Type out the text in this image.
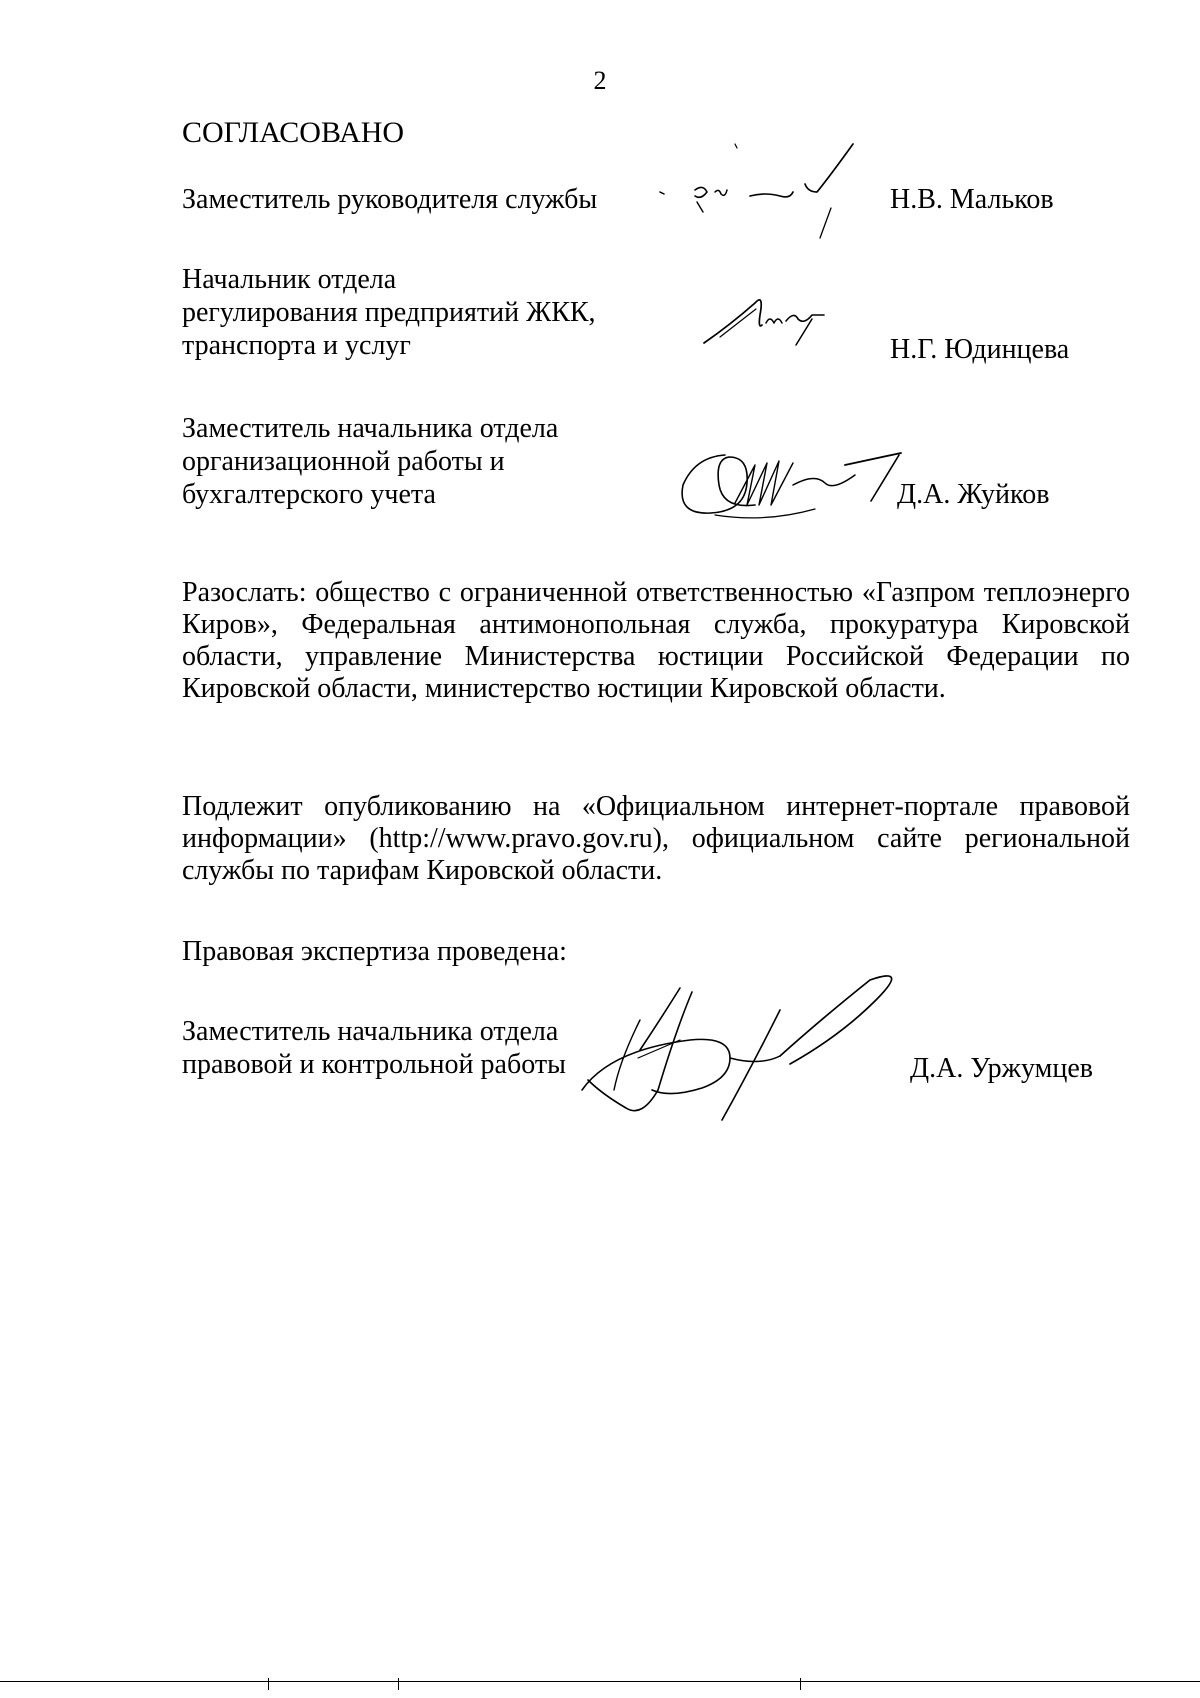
2
СОГЛАСОВАНО
Заместитель руководителя службы	Н.В. Мальков
Начальник отдела
регулирования предприятий ЖКК,
транспорта и услуг	Н.Г. Юдинцева
Заместитель начальника отдела
организационной работы и
бухгалтерского учета	Д.А. Жуйков
Разослать: общество с ограниченной ответственностью «Газпром теплоэнерго Киров», Федеральная антимонопольная служба, прокуратура Кировской области, управление Министерства юстиции Российской Федерации по Кировской области, министерство юстиции Кировской области.
Подлежит опубликованию на «Официальном интернет-портале правовой информации» (http://www.pravo.gov.ru), официальном сайте региональной службы по тарифам Кировской области.
Правовая экспертиза проведена:
Заместитель начальника отдела
правовой и контрольной работы	Д.А. Уржумцев
